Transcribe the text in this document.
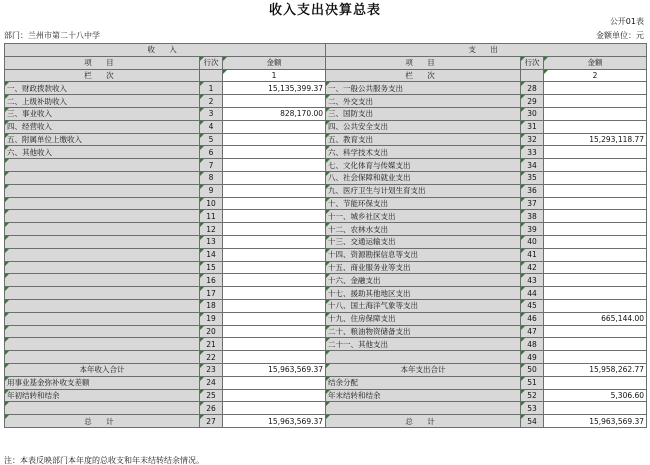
收入支出决算总表
公开01表
部门：兰州市第二十八中学	金额单位：元
收 入			支 出		
项 目	行次	金额	项 目	行次	金额
栏 次		1	栏 次		2
一、财政拨款收入	1	15,135,399.37	一、一般公共服务支出	28	
二、上级补助收入	2		二、外交支出	29	
三、事业收入	3	828,170.00	三、国防支出	30	
四、经营收入	4		四、公共安全支出	31	
五、附属单位上缴收入	5		五、教育支出	32	15,293,118.77
六、其他收入	6		六、科学技术支出	33	
	7		七、文化体育与传媒支出	34	
	8		八、社会保障和就业支出	35	
	9		九、医疗卫生与计划生育支出	36	
	10		十、节能环保支出	37	
	11		十一、城乡社区支出	38	
	12		十二、农林水支出	39	
	13		十三、交通运输支出	40	
	14		十四、资源勘探信息等支出	41	
	15		十五、商业服务业等支出	42	
	16		十六、金融支出	43	
	17		十七、援助其他地区支出	44	
	18		十八、国土海洋气象等支出	45	
	19		十九、住房保障支出	46	665,144.00
	20		二十、粮油物资储备支出	47	
	21		二十一、其他支出	48	
	22			49	
本年收入合计	23	15,963,569.37	本年支出合计	50	15,958,262.77
用事业基金弥补收支差额	24		结余分配	51	
年初结转和结余	25		年末结转和结余	52	5,306.60
	26			53	
总 计	27	15,963,569.37	总 计	54	15,963,569.37
注：本表反映部门本年度的总收支和年末结转结余情况。
